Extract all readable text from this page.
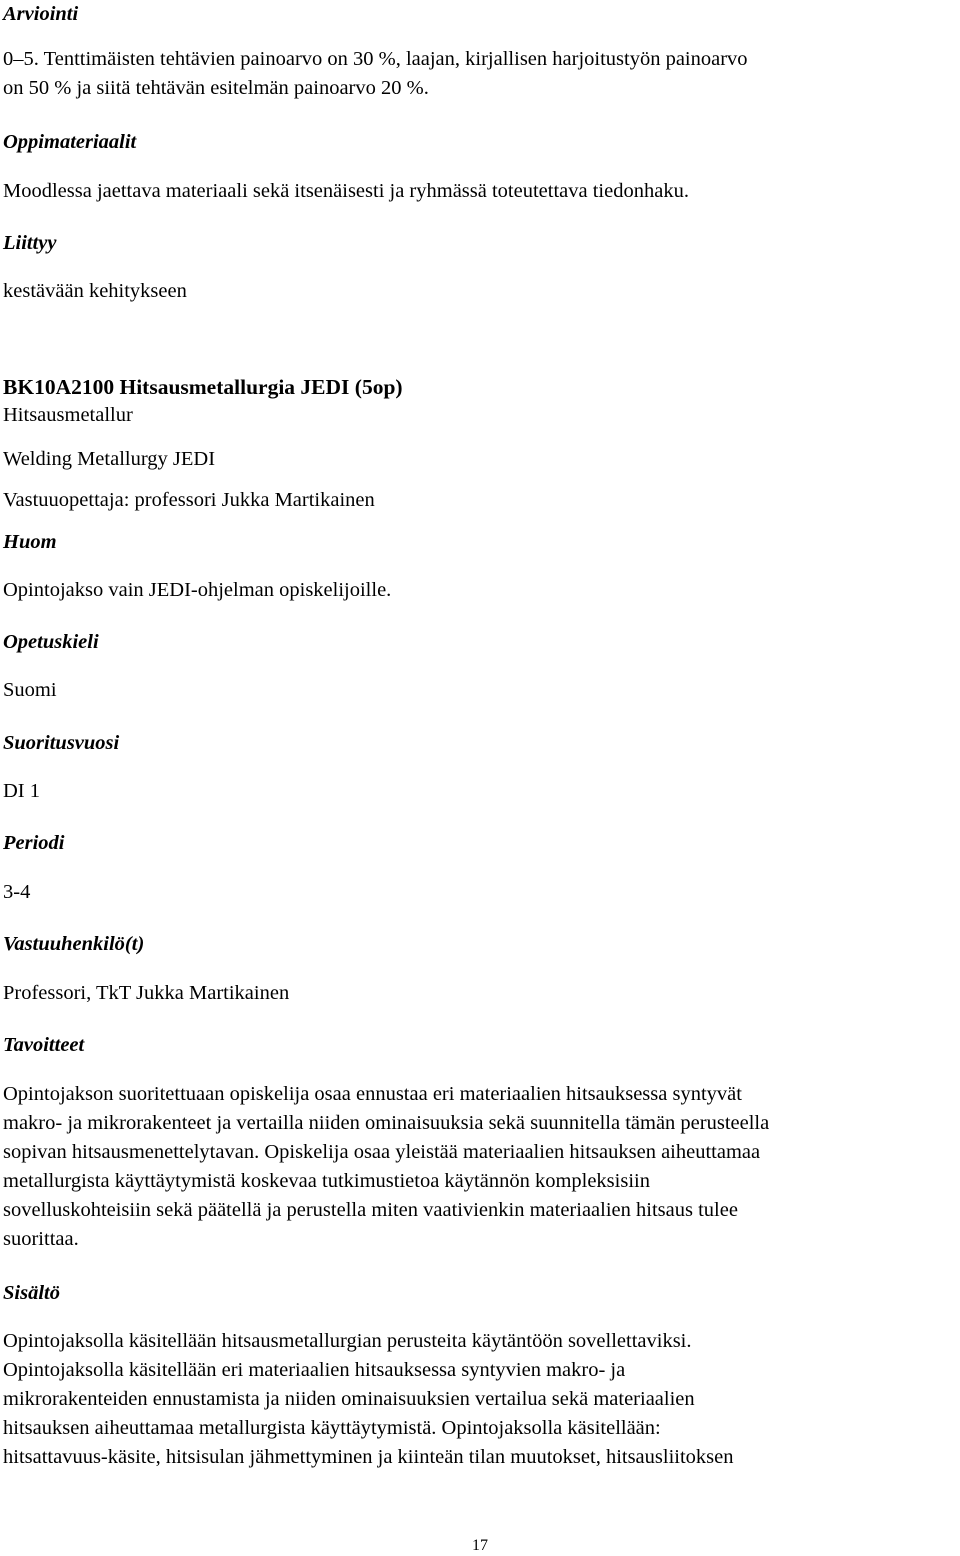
Arviointi
0–5. Tenttimäisten tehtävien painoarvo on 30 %, laajan, kirjallisen harjoitustyön painoarvo
on 50 % ja siitä tehtävän esitelmän painoarvo 20 %.
Oppimateriaalit
Moodlessa jaettava materiaali sekä itsenäisesti ja ryhmässä toteutettava tiedonhaku.
Liittyy
kestävään kehitykseen
BK10A2100 Hitsausmetallurgia JEDI (5op)
Hitsausmetallur
Welding Metallurgy JEDI
Vastuuopettaja: professori Jukka Martikainen
Huom
Opintojakso vain JEDI-ohjelman opiskelijoille.
Opetuskieli
Suomi
Suoritusvuosi
DI 1
Periodi
3-4
Vastuuhenkilö(t)
Professori, TkT Jukka Martikainen
Tavoitteet
Opintojakson suoritettuaan opiskelija osaa ennustaa eri materiaalien hitsauksessa syntyvät
makro- ja mikrorakenteet ja vertailla niiden ominaisuuksia sekä suunnitella tämän perusteella
sopivan hitsausmenettelytavan. Opiskelija osaa yleistää materiaalien hitsauksen aiheuttamaa
metallurgista käyttäytymistä koskevaa tutkimustietoa käytännön kompleksisiin
sovelluskohteisiin sekä päätellä ja perustella miten vaativienkin materiaalien hitsaus tulee
suorittaa.
Sisältö
Opintojaksolla käsitellään hitsausmetallurgian perusteita käytäntöön sovellettaviksi.
Opintojaksolla käsitellään eri materiaalien hitsauksessa syntyvien makro- ja
mikrorakenteiden ennustamista ja niiden ominaisuuksien vertailua sekä materiaalien
hitsauksen aiheuttamaa metallurgista käyttäytymistä. Opintojaksolla käsitellään:
hitsattavuus-käsite, hitsisulan jähmettyminen ja kiinteän tilan muutokset, hitsausliitoksen
17
